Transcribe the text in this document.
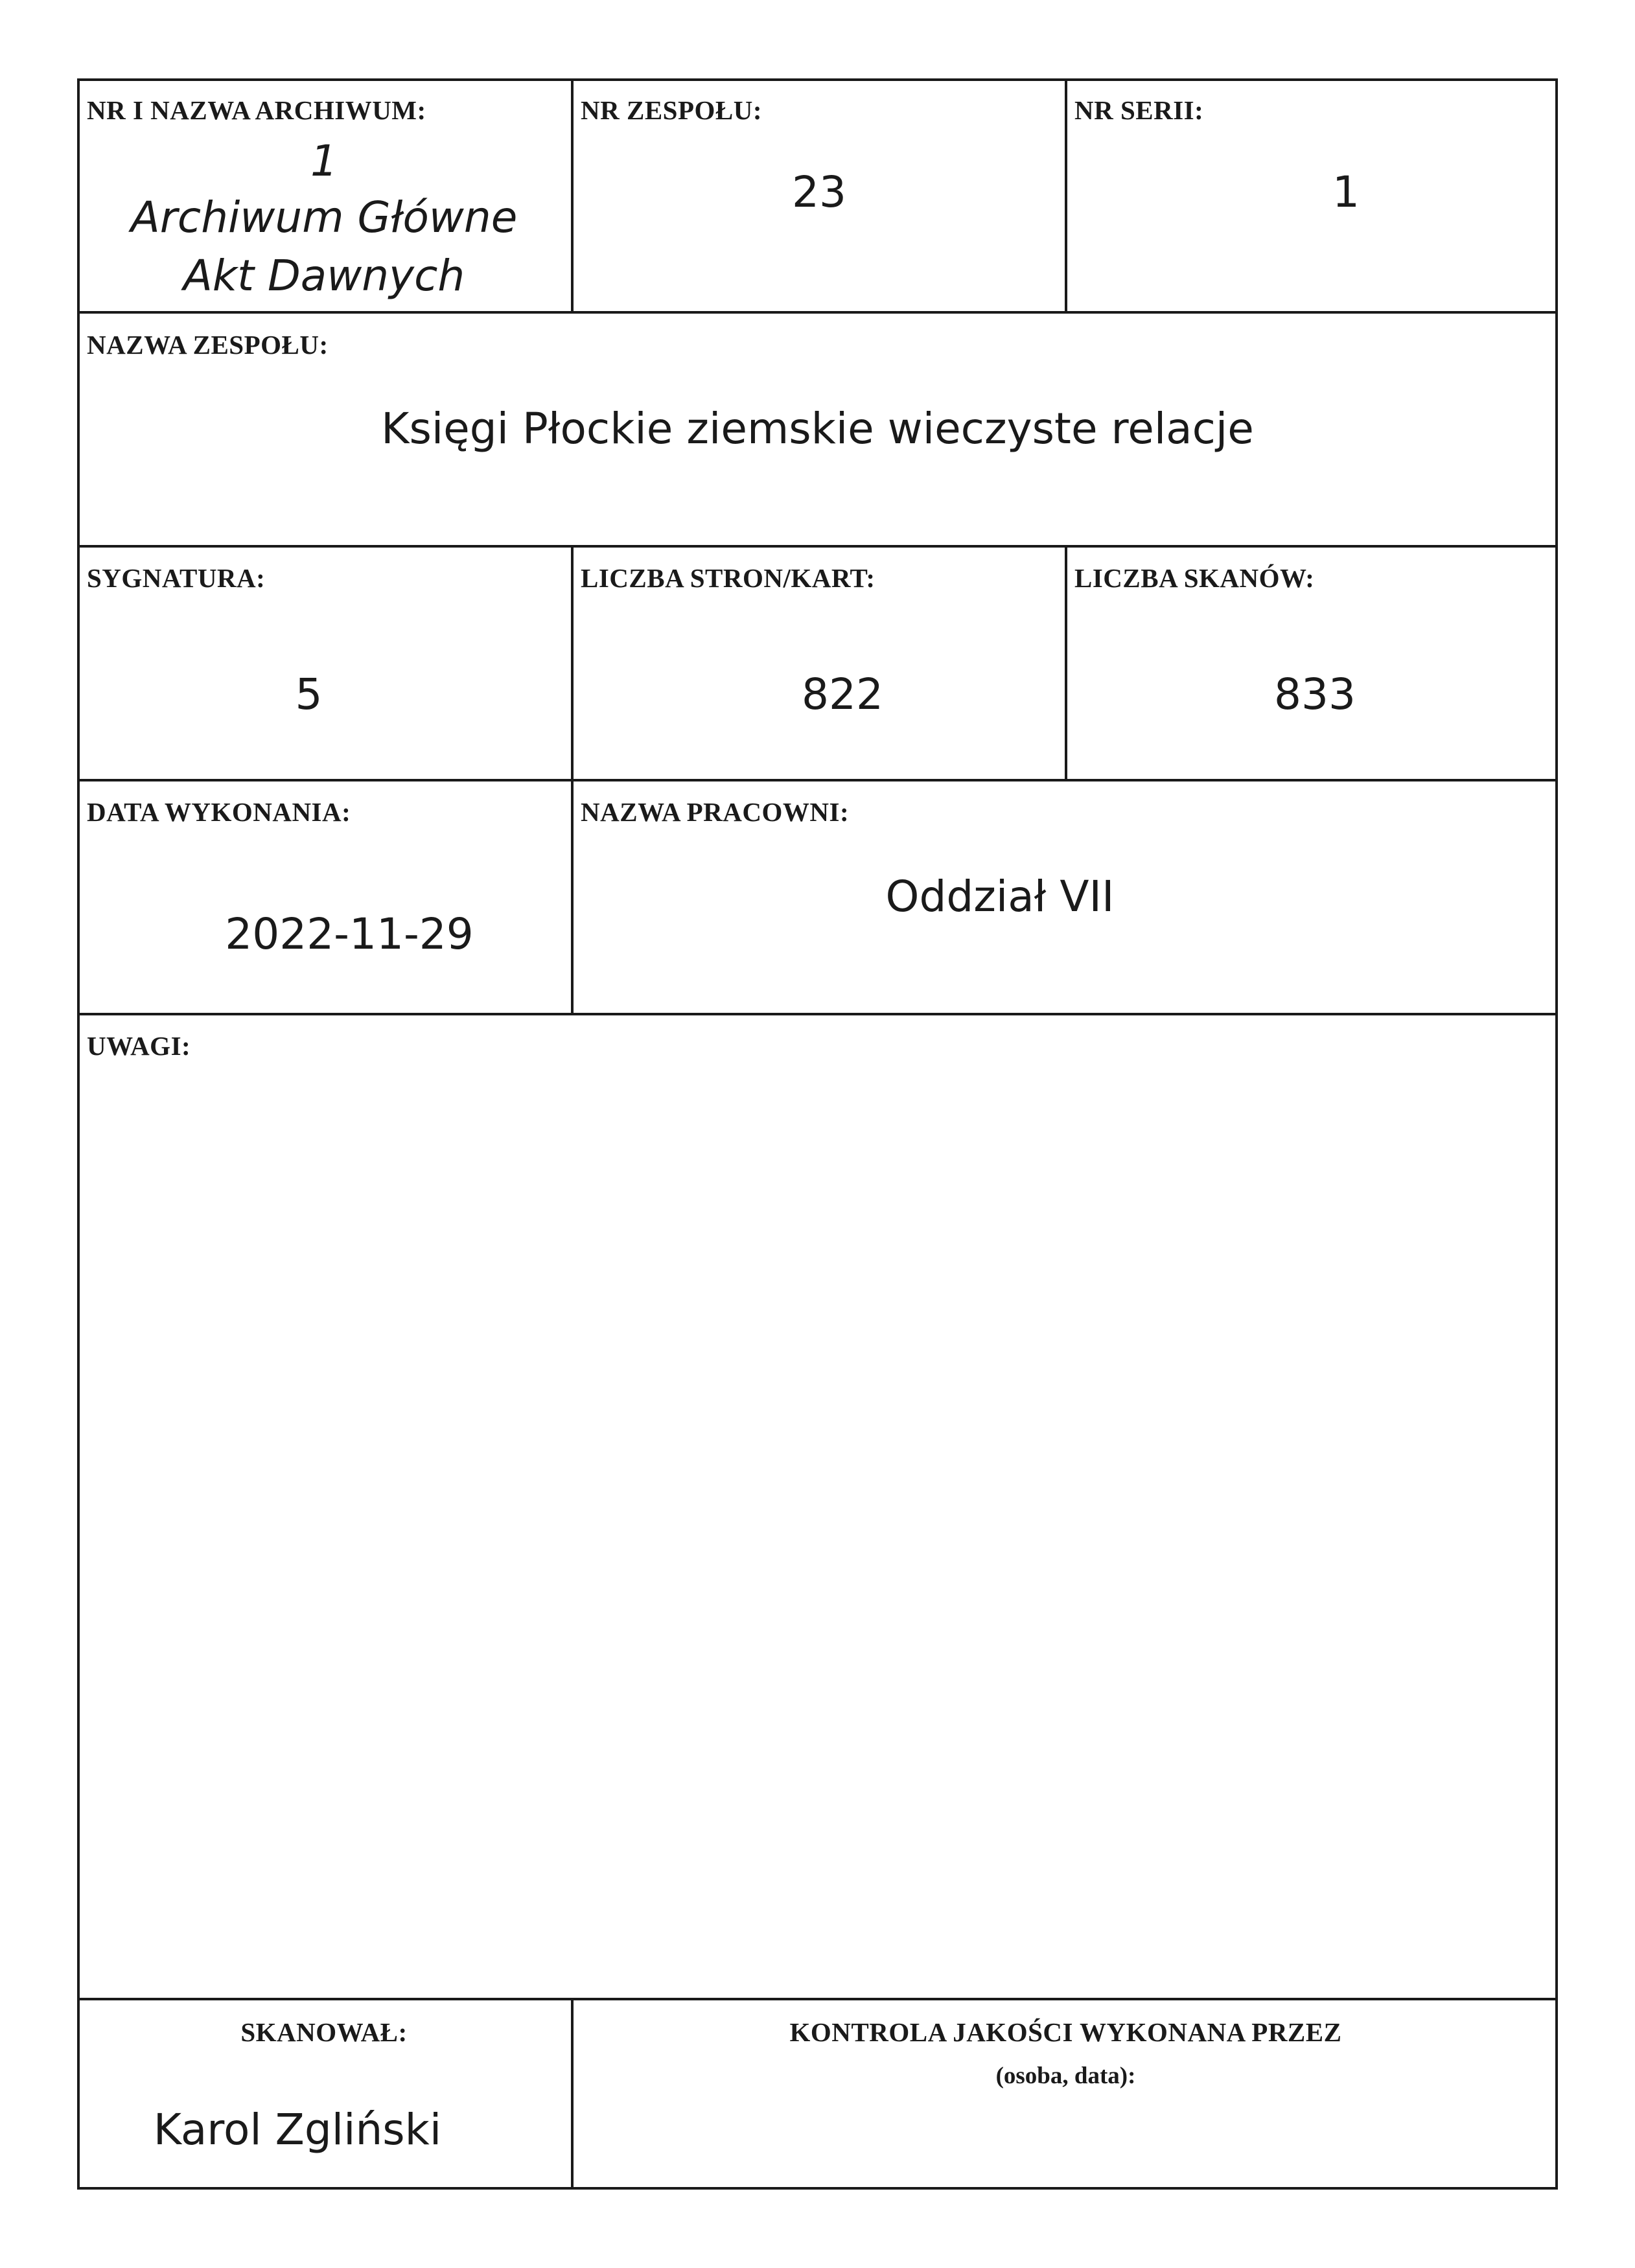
NR I NAZWA ARCHIWUM:
1
Archiwum Główne
Akt Dawnych
NR ZESPOŁU:
23
NR SERII:
1
NAZWA ZESPOŁU:
Księgi Płockie ziemskie wieczyste relacje
SYGNATURA:
5
LICZBA STRON/KART:
822
LICZBA SKANÓW:
833
DATA WYKONANIA:
2022-11-29
NAZWA PRACOWNI:
Oddział VII
UWAGI:
SKANOWAŁ:
Karol Zgliński
KONTROLA JAKOŚCI WYKONANA PRZEZ
(osoba, data):
